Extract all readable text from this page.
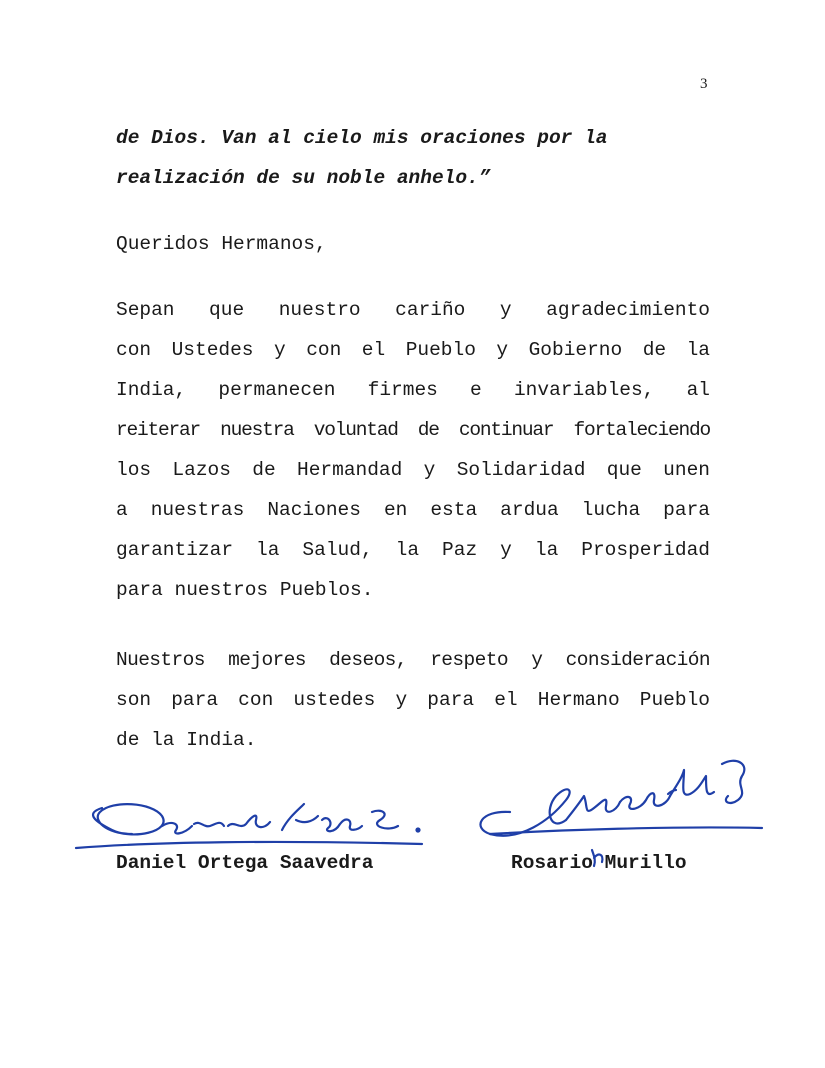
3
de Dios. Van al cielo mis oraciones por la
realización de su noble anhelo.”
Queridos Hermanos,
Sepan que nuestro cariño y agradecimiento
con Ustedes y con el Pueblo y Gobierno de la
India, permanecen firmes e invariables, al
reiterar nuestra voluntad de continuar fortaleciendo
los Lazos de Hermandad y Solidaridad que unen
a nuestras Naciones en esta ardua lucha para
garantizar la Salud, la Paz y la Prosperidad
para nuestros Pueblos.
Nuestros mejores deseos, respeto y consideración
son para con ustedes y para el Hermano Pueblo
de la India.
Daniel Ortega Saavedra	Rosario Murillo
